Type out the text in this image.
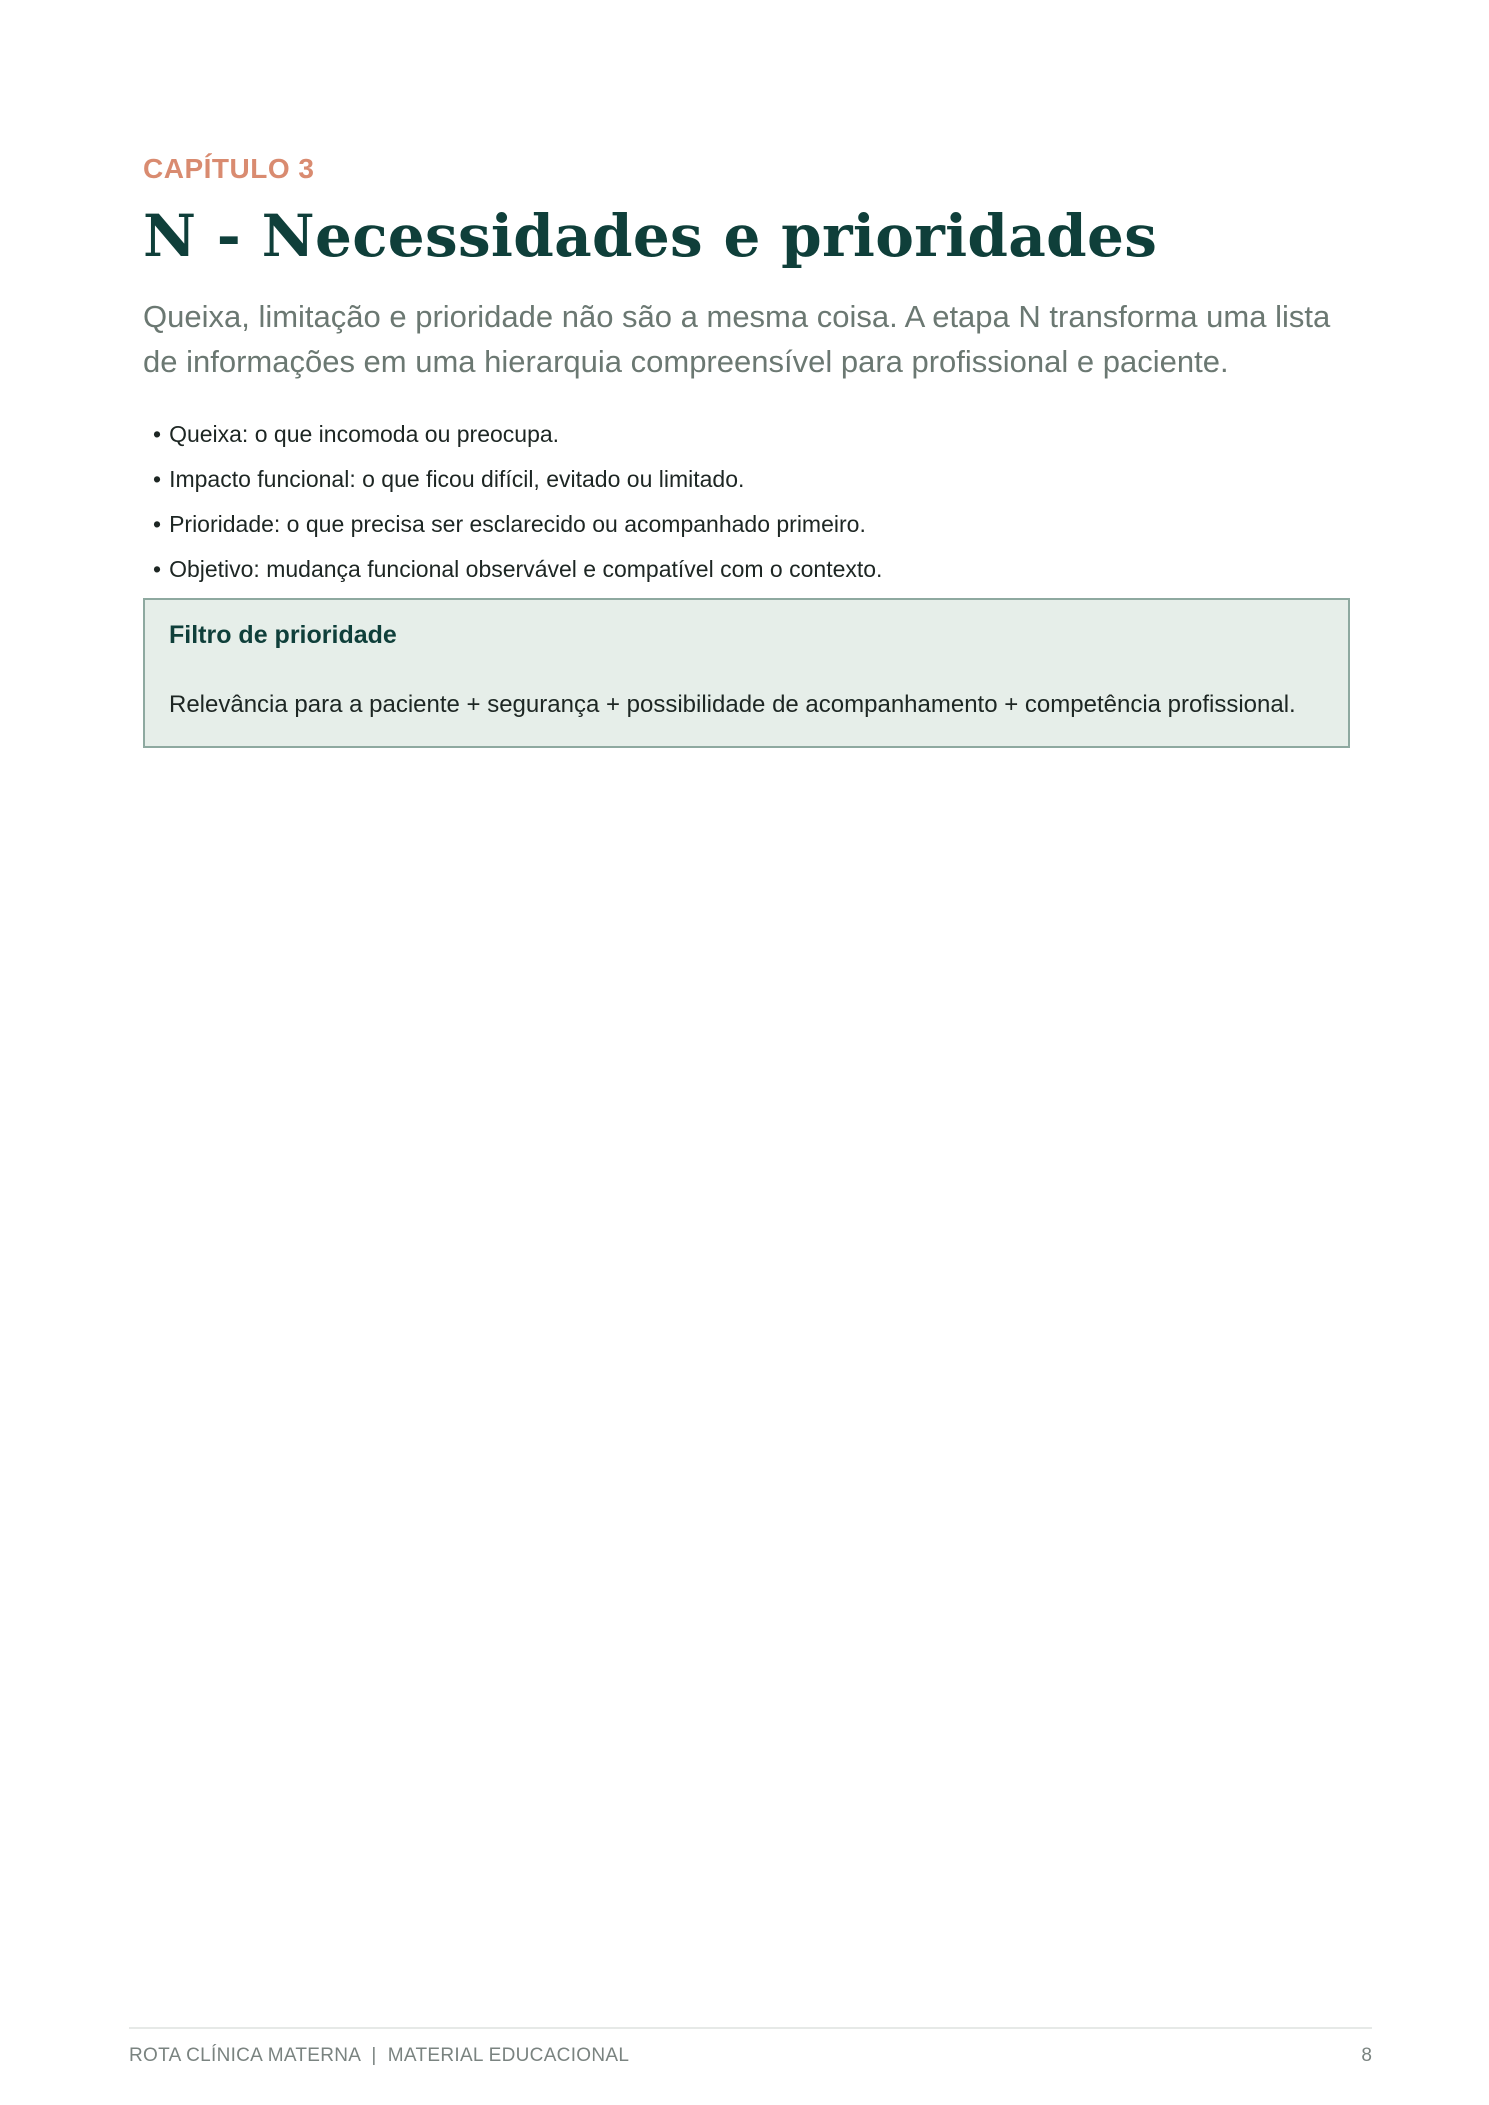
CAPÍTULO 3

N - Necessidades e prioridades

Queixa, limitação e prioridade não são a mesma coisa. A etapa N transforma uma lista de informações em uma hierarquia compreensível para profissional e paciente.

• Queixa: o que incomoda ou preocupa.
• Impacto funcional: o que ficou difícil, evitado ou limitado.
• Prioridade: o que precisa ser esclarecido ou acompanhado primeiro.
• Objetivo: mudança funcional observável e compatível com o contexto.

Filtro de prioridade

Relevância para a paciente + segurança + possibilidade de acompanhamento + competência profissional.

ROTA CLÍNICA MATERNA  |  MATERIAL EDUCACIONAL	8
